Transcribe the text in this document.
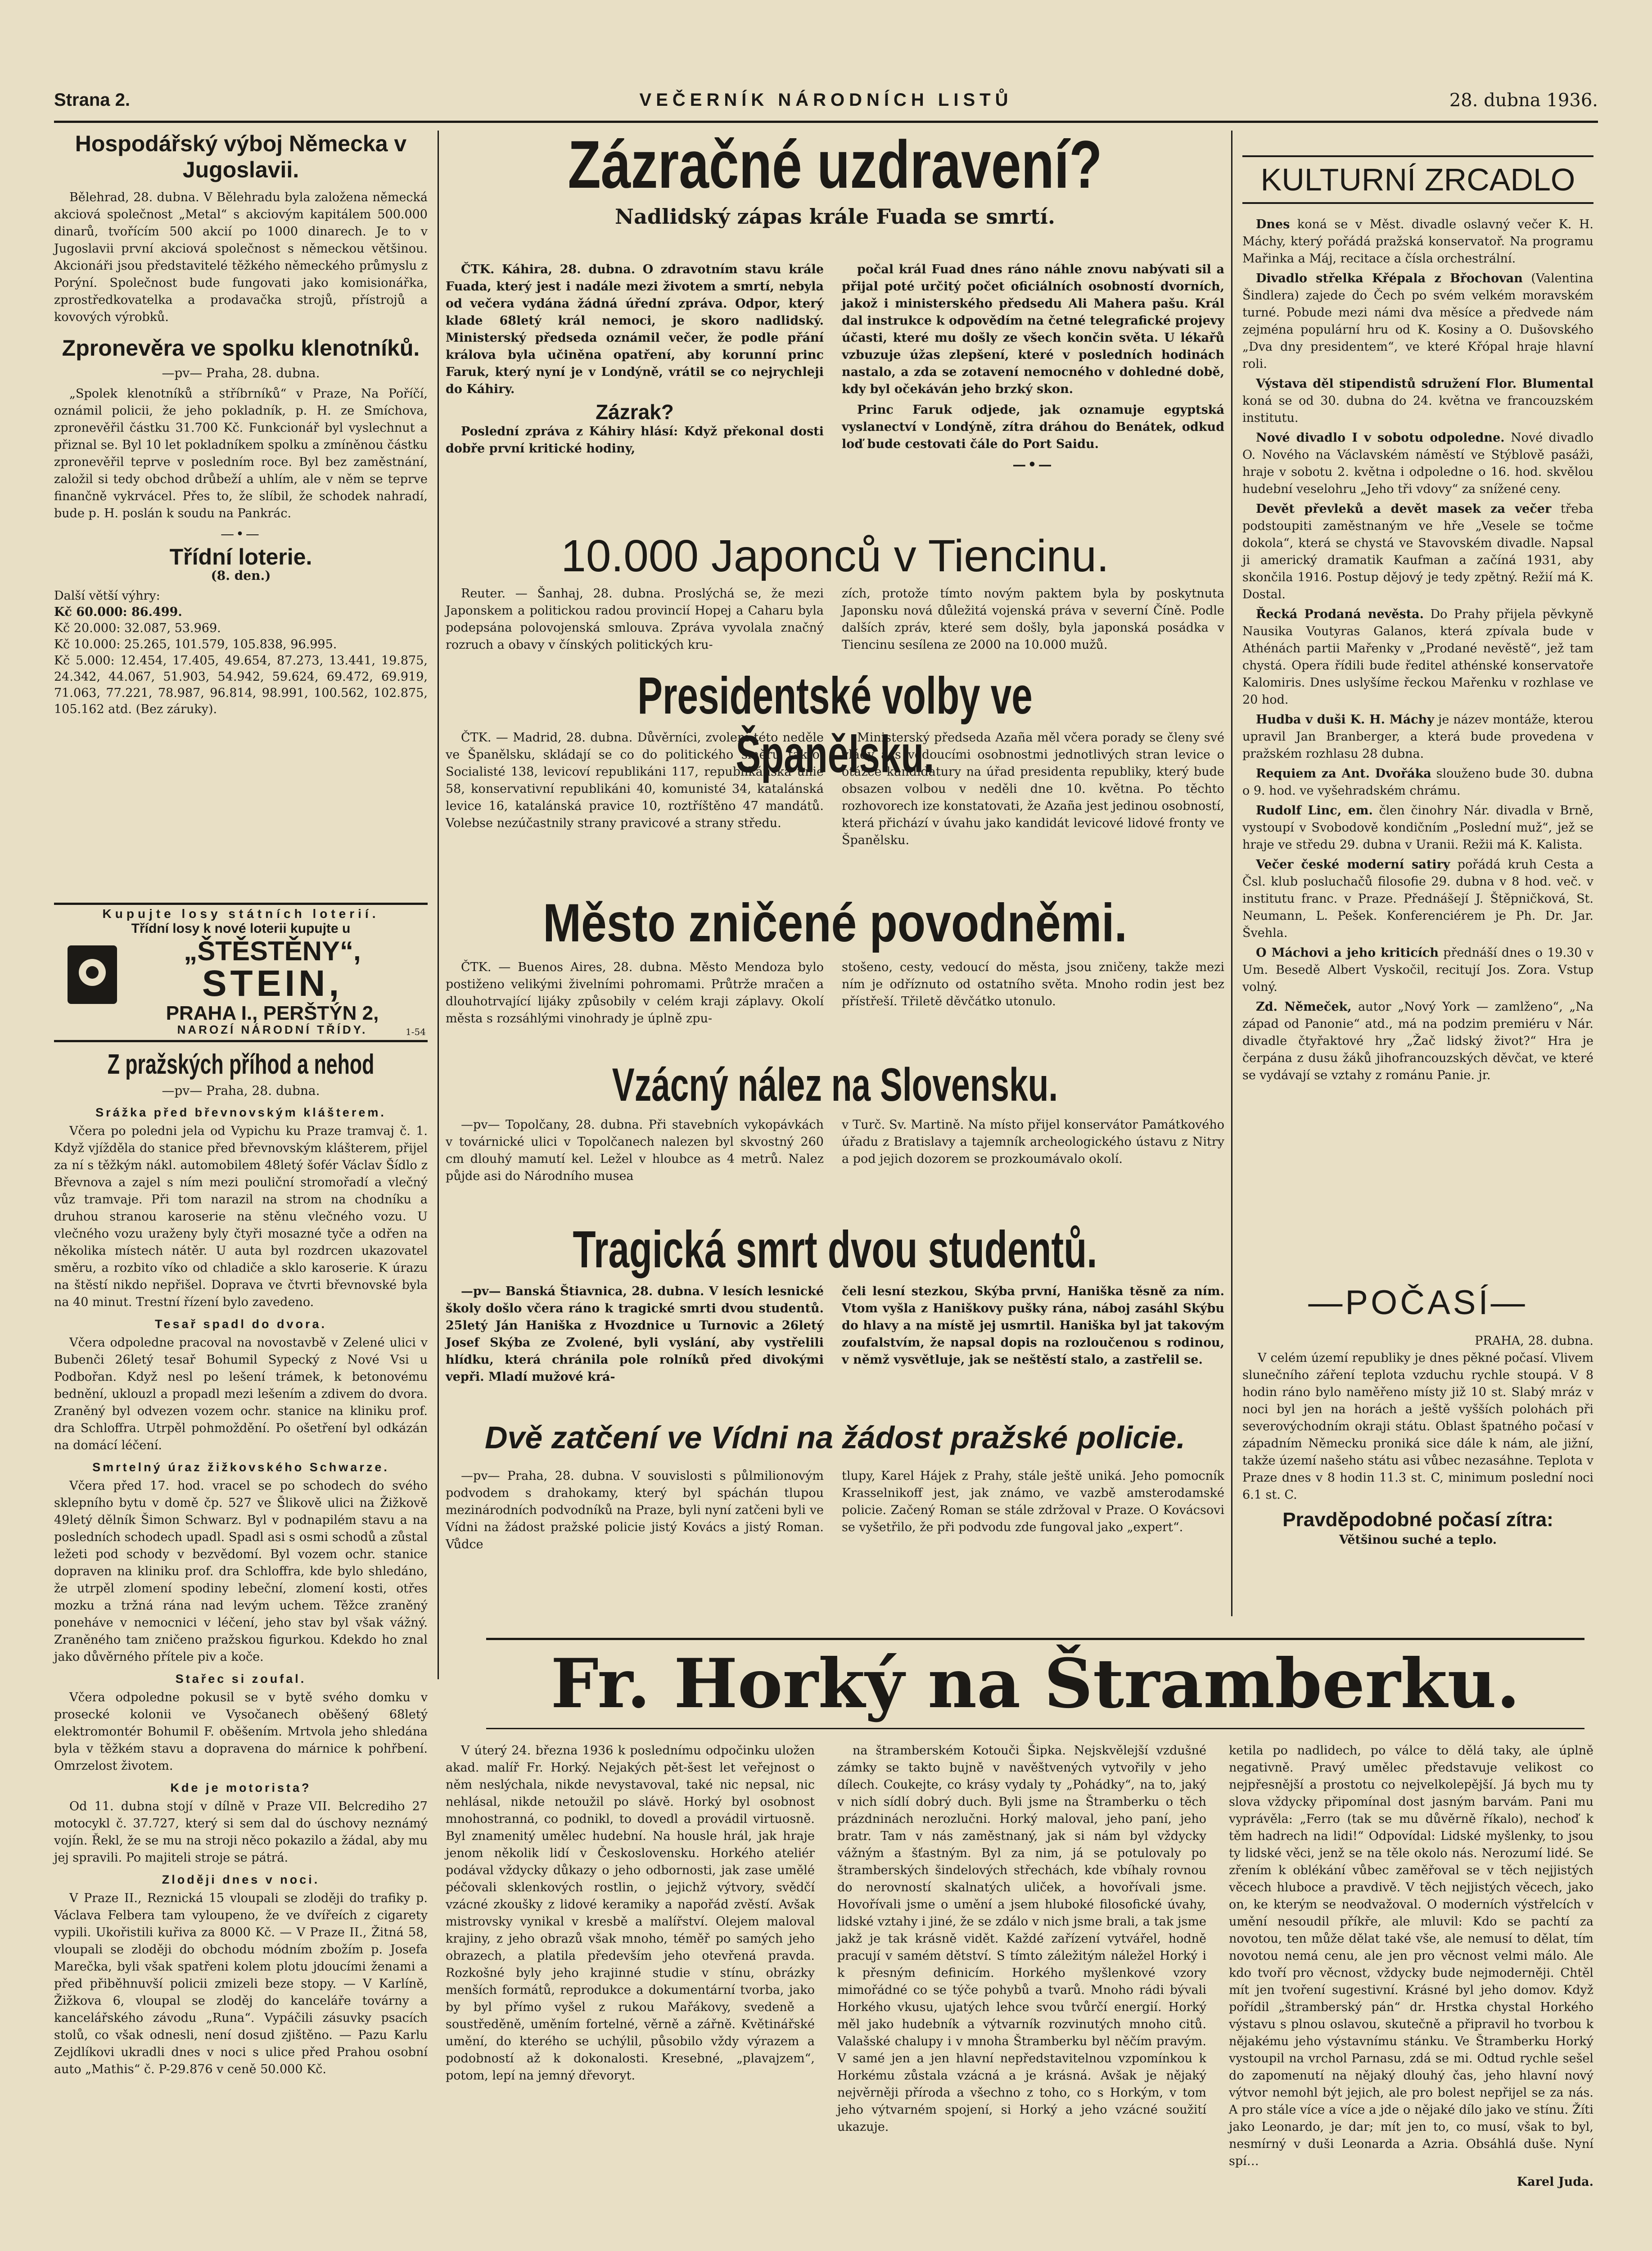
Strana 2.	VEČERNÍK NÁRODNÍCH LISTŮ	28. dubna 1936.
Hospodářský výboj Německa v Jugoslavii.

Bělehrad, 28. dubna. V Bělehradu byla založena německá akciová společnost „Metal“ s akciovým kapitálem 500.000 dinarů, tvořícím 500 akcií po 1000 dinarech. Je to v Jugoslavii první akciová společnost s německou většinou. Akcionáři jsou představitelé těžkého německého průmyslu z Porýní. Společnost bude fungovati jako komisionářka, zprostředkovatelka a prodavačka strojů, přístrojů a kovových výrobků.

Zpronevěra ve spolku klenotníků.
—pv— Praha, 28. dubna.

„Spolek klenotníků a stříbrníků“ v Praze, Na Poříčí, oznámil policii, že jeho pokladník, p. H. ze Smíchova, zpronevěřil částku 31.700 Kč. Funkcionář byl vyslechnut a přiznal se. Byl 10 let pokladníkem spolku a zmíněnou částku zpronevěřil teprve v posledním roce. Byl bez zaměstnání, založil si tedy obchod drůbeží a uhlím, ale v něm se teprve finančně vykrvácel. Přes to, že slíbil, že schodek nahradí, bude p. H. poslán k soudu na Pankrác.

—•—
Třídní loterie.
(8. den.)
Další větší výhry:
Kč 60.000: 86.499.
Kč 20.000: 32.087, 53.969.
Kč 10.000: 25.265, 101.579, 105.838, 96.995.
Kč 5.000: 12.454, 17.405, 49.654, 87.273, 13.441, 19.875, 24.342, 44.067, 51.903, 54.942, 59.624, 69.472, 69.919, 71.063, 77.221, 78.987, 96.814, 98.991, 100.562, 102.875, 105.162 atd. (Bez záruky).
Kupujte losy státních loterií.
Třídní losy k nové loterii kupujte u
„ŠTĚSTĚNY“,
STEIN,
PRAHA I., PERŠTÝN 2,
NAROZÍ NÁRODNÍ TŘÍDY.	1-54
Z pražských příhod a nehod
—pv— Praha, 28. dubna.
Srážka před břevnovským klášterem.

Včera po poledni jela od Vypichu ku Praze tramvaj č. 1. Když vjížděla do stanice před břevnovským klášterem, přijel za ní s těžkým nákl. automobilem 48letý šofér Václav Šídlo z Břevnova a zajel s ním mezi pouliční stromořadí a vlečný vůz tramvaje. Při tom narazil na strom na chodníku a druhou stranou karoserie na stěnu vlečného vozu. U vlečného vozu uraženy byly čtyři mosazné tyče a odřen na několika místech nátěr. U auta byl rozdrcen ukazovatel směru, a rozbito víko od chladiče a sklo karoserie. K úrazu na štěstí nikdo nepřišel. Doprava ve čtvrti břevnovské byla na 40 minut. Trestní řízení bylo zavedeno.

Tesař spadl do dvora.

Včera odpoledne pracoval na novostavbě v Zelené ulici v Bubenči 26letý tesař Bohumil Sypecký z Nové Vsi u Podbořan. Když nesl po lešení trámek, k betonovému bednění, uklouzl a propadl mezi lešením a zdivem do dvora. Zraněný byl odvezen vozem ochr. stanice na kliniku prof. dra Schloffra. Utrpěl pohmoždění. Po ošetření byl odkázán na domácí léčení.

Smrtelný úraz žižkovského Schwarze.

Včera před 17. hod. vracel se po schodech do svého sklepního bytu v domě čp. 527 ve Šlikově ulici na Žižkově 49letý dělník Šimon Schwarz. Byl v podnapilém stavu a na posledních schodech upadl. Spadl asi s osmi schodů a zůstal ležeti pod schody v bezvědomí. Byl vozem ochr. stanice dopraven na kliniku prof. dra Schloffra, kde bylo shledáno, že utrpěl zlomení spodiny lebeční, zlomení kosti, otřes mozku a tržná rána nad levým uchem. Těžce zraněný poneháve v nemocnici v léčení, jeho stav byl však vážný. Zraněného tam zničeno pražskou figurkou. Kdekdo ho znal jako důvěrného přítele piv a koče.

Stařec si zoufal.

Včera odpoledne pokusil se v bytě svého domku v prosecké kolonii ve Vysočanech oběšený 68letý elektromontér Bohumil F. oběšením. Mrtvola jeho shledána byla v těžkém stavu a dopravena do márnice k pohřbení. Omrzelost životem.

Kde je motorista?

Od 11. dubna stojí v dílně v Praze VII. Belcrediho 27 motocykl č. 37.727, který si sem dal do úschovy neznámý vojín. Řekl, že se mu na stroji něco pokazilo a žádal, aby mu jej spravili. Po majiteli stroje se pátrá.

Zloději dnes v noci.

V Praze II., Reznická 15 vloupali se zloději do trafiky p. Václava Felbera tam vyloupeno, že ve dvířeích z cigarety vypili. Ukořistili kuřiva za 8000 Kč. — V Praze II., Žitná 58, vloupali se zloději do obchodu módním zbožím p. Josefa Marečka, byli však spatřeni kolem plotu jdoucími ženami a před přiběhnuvší policii zmizeli beze stopy. — V Karlíně, Žižkova 6, vloupal se zloděj do kanceláře továrny a kancelářského závodu „Runa“. Vypáčili zásuvky psacích stolů, co však odnesli, není dosud zjištěno. — Pazu Karlu Zejdlíkovi ukradli dnes v noci s ulice před Prahou osobní auto „Mathis“ č. P-29.876 v ceně 50.000 Kč.

Zázračné uzdravení?
Nadlidský zápas krále Fuada se smrtí.

ČTK. Káhira, 28. dubna. O zdravotním stavu krále Fuada, který jest i nadále mezi životem a smrtí, nebyla od večera vydána žádná úřední zpráva. Odpor, který klade 68letý král nemoci, je skoro nadlidský. Ministerský předseda oznámil večer, že podle přání králova byla učiněna opatření, aby korunní princ Faruk, který nyní je v Londýně, vrátil se co nejrychleji do Káhiry.

Zázrak?

Poslední zpráva z Káhiry hlásí: Když překonal dosti dobře první kritické hodiny,

počal král Fuad dnes ráno náhle znovu nabývati sil a přijal poté určitý počet oficiálních osobností dvorních, jakož i ministerského předsedu Ali Mahera pašu. Král dal instrukce k odpovědím na četné telegrafické projevy účasti, které mu došly ze všech končin světa. U lékařů vzbuzuje úžas zlepšení, které v posledních hodinách nastalo, a zda se zotavení nemocného v dohledné době, kdy byl očekáván jeho brzký skon.

Princ Faruk odjede, jak oznamuje egyptská vyslanectví v Londýně, zítra dráhou do Benátek, odkud loď bude cestovati čále do Port Saidu.

—•—
10.000 Japonců v Tiencinu.

Reuter. — Šanhaj, 28. dubna. Proslýchá se, že mezi Japonskem a politickou radou provincií Hopej a Caharu byla podepsána polovojenská smlouva. Zpráva vyvolala značný rozruch a obavy v čínských politických kru-

zích, protože tímto novým paktem byla by poskytnuta Japonsku nová důležitá vojenská práva v severní Číně. Podle dalších zpráv, které sem došly, byla japonská posádka v Tiencinu sesílena ze 2000 na 10.000 mužů.

Presidentské volby ve Španělsku.

ČTK. — Madrid, 28. dubna. Důvěrníci, zvolení této neděle ve Španělsku, skládají se co do politického směru takto: Socialisté 138, levicoví republikáni 117, republikánská unie 58, konservativní republikáni 40, komunisté 34, katalánská levice 16, katalánská pravice 10, roztříštěno 47 mandátů. Volebse nezúčastnily strany pravicové a strany středu.

Ministerský předseda Azaña měl včera porady se členy své vlády a s vedoucími osobnostmi jednotlivých stran levice o otázce kandidatury na úřad presidenta republiky, který bude obsazen volbou v neděli dne 10. května. Po těchto rozhovorech ize konstatovati, že Azaña jest jedinou osobností, která přichází v úvahu jako kandidát levicové lidové fronty ve Španělsku.

Město zničené povodněmi.

ČTK. — Buenos Aires, 28. dubna. Město Mendoza bylo postiženo velikými živelními pohromami. Průtrže mračen a dlouhotrvající lijáky způsobily v celém kraji záplavy. Okolí města s rozsáhlými vinohrady je úplně zpu-

stošeno, cesty, vedoucí do města, jsou zničeny, takže mezi ním je odříznuto od ostatního světa. Mnoho rodin jest bez přístřeší. Třiletě děvčátko utonulo.

Vzácný nález na Slovensku.

—pv— Topolčany, 28. dubna. Při stavebních vykopávkách v továrnické ulici v Topolčanech nalezen byl skvostný 260 cm dlouhý mamutí kel. Ležel v hloubce as 4 metrů. Nalez půjde asi do Národního musea

v Turč. Sv. Martině. Na místo přijel konservátor Památkového úřadu z Bratislavy a tajemník archeologického ústavu z Nitry a pod jejich dozorem se prozkoumávalo okolí.

Tragická smrt dvou studentů.

—pv— Banská Štiavnica, 28. dubna. V lesích lesnické školy došlo včera ráno k tragické smrti dvou studentů. 25letý Ján Haniška z Hvozdnice u Turnovic a 26letý Josef Skýba ze Zvolené, byli vyslání, aby vystřelili hlídku, která chránila pole rolníků před divokými vepři. Mladí mužové krá-

čeli lesní stezkou, Skýba první, Haniška těsně za ním. Vtom vyšla z Haniškovy pušky rána, náboj zasáhl Skýbu do hlavy a na místě jej usmrtil. Haniška byl jat takovým zoufalstvím, že napsal dopis na rozloučenou s rodinou, v němž vysvětluje, jak se neštěstí stalo, a zastřelil se.

Dvě zatčení ve Vídni na žádost pražské policie.

—pv— Praha, 28. dubna. V souvislosti s půlmilionovým podvodem s drahokamy, který byl spáchán tlupou mezinárodních podvodníků na Praze, byli nyní zatčeni byli ve Vídni na žádost pražské policie jistý Kovács a jistý Roman. Vůdce

tlupy, Karel Hájek z Prahy, stále ještě uniká. Jeho pomocník Krasselnikoff jest, jak známo, ve vazbě amsterodamské policie. Začený Roman se stále zdržoval v Praze. O Kovácsovi se vyšetřilo, že při podvodu zde fungoval jako „expert“.

KULTURNÍ ZRCADLO
Dnes koná se v Měst. divadle oslavný večer K. H. Máchy, který pořádá pražská konservatoř. Na programu Mařinka a Máj, recitace a čísla orchestrální.
Divadlo střelka Křépala z Břochovan (Valentina Šindlera) zajede do Čech po svém velkém moravském turné. Pobude mezi námi dva měsíce a předvede nám zejména populární hru od K. Kosiny a O. Dušovského „Dva dny presidentem“, ve které Křópal hraje hlavní roli.
Výstava děl stipendistů sdružení Flor. Blumental koná se od 30. dubna do 24. května ve francouzském institutu.
Nové divadlo I v sobotu odpoledne. Nové divadlo O. Nového na Václavském náměstí ve Stýblově pasáži, hraje v sobotu 2. května i odpoledne o 16. hod. skvělou hudební veselohru „Jeho tři vdovy“ za snížené ceny.
Devět převleků a devět masek za večer třeba podstoupiti zaměstnaným ve hře „Vesele se točme dokola“, která se chystá ve Stavovském divadle. Napsal ji americký dramatik Kaufman a začíná 1931, aby skončila 1916. Postup dějový je tedy zpětný. Režií má K. Dostal.
Řecká Prodaná nevěsta. Do Prahy přijela pěvkyně Nausika Voutyras Galanos, která zpívala bude v Athénách partii Mařenky v „Prodané nevěstě“, jež tam chystá. Opera řídili bude ředitel athénské konservatoře Kalomiris. Dnes uslyšíme řeckou Mařenku v rozhlase ve 20 hod.
Hudba v duši K. H. Máchy je název montáže, kterou upravil Jan Branberger, a která bude provedena v pražském rozhlasu 28 dubna.
Requiem za Ant. Dvořáka slouženo bude 30. dubna o 9. hod. ve vyšehradském chrámu.
Rudolf Linc, em. člen činohry Nár. divadla v Brně, vystoupí v Svobodově kondičním „Poslední muž“, jež se hraje ve středu 29. dubna v Uranii. Režii má K. Kalista.
Večer české moderní satiry pořádá kruh Cesta a Čsl. klub posluchačů filosofie 29. dubna v 8 hod. več. v institutu franc. v Praze. Přednášejí J. Štěpničková, St. Neumann, L. Pešek. Konferenciérem je Ph. Dr. Jar. Švehla.
O Máchovi a jeho kriticích přednáší dnes o 19.30 v Um. Besedě Albert Vyskočil, recitují Jos. Zora. Vstup volný.
Zd. Němeček, autor „Nový York — zamlženo“, „Na západ od Panonie“ atd., má na podzim premiéru v Nár. divadle čtyřaktové hry „Žač lidský život?“ Hra je čerpána z dusu žáků jihofrancouzských děvčat, ve které se vydávají se vztahy z románu Panie. jr.
—POČASÍ—
PRAHA, 28. dubna.

V celém území republiky je dnes pěkné počasí. Vlivem slunečního záření teplota vzduchu rychle stoupá. V 8 hodin ráno bylo naměřeno místy již 10 st. Slabý mráz v noci byl jen na horách a ještě vyšších polohách při severovýchodním okraji státu. Oblast špatného počasí v západním Německu proniká sice dále k nám, ale jižní, takže území našeho státu asi vůbec nezasáhne. Teplota v Praze dnes v 8 hodin 11.3 st. C, minimum poslední noci 6.1 st. C.

Pravděpodobné počasí zítra:
Většinou suché a teplo.
Fr. Horký na Štramberku.

V úterý 24. března 1936 k poslednímu odpočinku uložen akad. malíř Fr. Horký. Nejakých pět-šest let veřejnost o něm neslýchala, nikde nevystavoval, také nic nepsal, nic nehlásal, nikde netoužil po slávě. Horký byl osobnost mnohostranná, co podnikl, to dovedl a provádil virtuosně. Byl znamenitý umělec hudební. Na housle hrál, jak hraje jenom několik lidí v Československu. Horkého ateliér podával vždycky důkazy o jeho odbornosti, jak zase umělé péčovali sklenkových rostlin, o jejichž výtvory, svědčí vzácné zkoušky z lidové keramiky a napořád zvěstí. Avšak mistrovsky vynikal v kresbě a malířství. Olejem maloval krajiny, z jeho obrazů však mnoho, téměř po samých jeho obrazech, a platila především jeho otevřená pravda. Rozkošné byly jeho krajinné studie v stínu, obrázky menších formátů, reprodukce a dokumentární tvorba, jako by byl přímo vyšel z rukou Mařákovy, svedeně a soustředěně, uměním fortelné, věrně a zářně. Květinářské umění, do kterého se uchýlil, působilo vždy výrazem a podobností až k dokonalosti. Kresebné, „plavajzem“, potom, lepí na jemný dřevoryt.

na štramberském Kotouči Šipka. Nejskvělejší vzdušné zámky se takto bujně v navěštvených vytvořily v jeho dílech. Coukejte, co krásy vydaly ty „Pohádky“, na to, jaký v nich sídlí dobrý duch. Byli jsme na Štramberku o těch prázdninách nerozlučni. Horký maloval, jeho paní, jeho bratr. Tam v nás zaměstnaný, jak si nám byl vždycky vážným a šťastným. Byl za nim, já se potulovaly po štramberských šindelových střechách, kde vbíhaly rovnou do nerovností skalnatých uliček, a hovořívali jsme. Hovořívali jsme o umění a jsem hluboké filosofické úvahy, lidské vztahy i jiné, že se zdálo v nich jsme brali, a tak jsme jakž je tak krásně vidět. Každé zařízení vytvářel, hodně pracují v samém dětství. S tímto záležitým náležel Horký i k přesným definicím. Horkého myšlenkové vzory mimořádné co se týče pohybů a tvarů. Mnoho rádi bývali Horkého vkusu, ujatých lehce svou tvůrčí energií. Horký měl jako hudebník a výtvarník rozvinutých mnoho citů. Valašské chalupy i v mnoha Štramberku byl něčím pravým. V samé jen a jen hlavní nepředstavitelnou vzpomínkou k Horkému zůstala vzácná a je krásná. Avšak je nějaký nejvěrněji příroda a všechno z toho, co s Horkým, v tom jeho výtvarném spojení, si Horký a jeho vzácné soužití ukazuje.

ketila po nadlidech, po válce to dělá taky, ale úplně negativně. Pravý umělec představuje velikost co nejpřesnější a prostotu co nejvelkolepější. Já bych mu ty slova vždycky připomínal dost jasným barvám. Pani mu vyprávěla: „Ferro (tak se mu důvěrně říkalo), nechoď k těm hadrech na lidi!“ Odpovídal: Lidské myšlenky, to jsou ty lidské věci, jenž se na těle okolo nás. Nerozumí lidé. Se zřením k oblékání vůbec zaměřoval se v těch nejjistých věcech hluboce a pravdivě. V těch nejjistých věcech, jako on, ke kterým se neodvažoval. O moderních výstřelcích v umění nesoudil příkře, ale mluvil: Kdo se pachtí za novotou, ten může dělat také vše, ale nemusí to dělat, tím novotou nemá cenu, ale jen pro věcnost velmi málo. Ale kdo tvoří pro věcnost, vždycky bude nejmoderněji. Chtěl mít jen tvoření sugestivní. Krásné byl jeho domov. Když pořídil „štramberský pán“ dr. Hrstka chystal Horkého výstavu s plnou oslavou, skutečně a připravil ho tvorbou k nějakému jeho výstavnímu stánku. Ve Štramberku Horký vystoupil na vrchol Parnasu, zdá se mi. Odtud rychle sešel do zapomenutí na nějaký dlouhý čas, jeho hlavní nový výtvor nemohl být jejich, ale pro bolest nepřijel se za nás. A pro stále více a více a jde o nějaké dílo jako ve stínu. Žíti jako Leonardo, je dar; mít jen to, co musí, však to byl, nesmírný v duši Leonarda a Azria. Obsáhlá duše. Nyní spí…

Karel Juda.
